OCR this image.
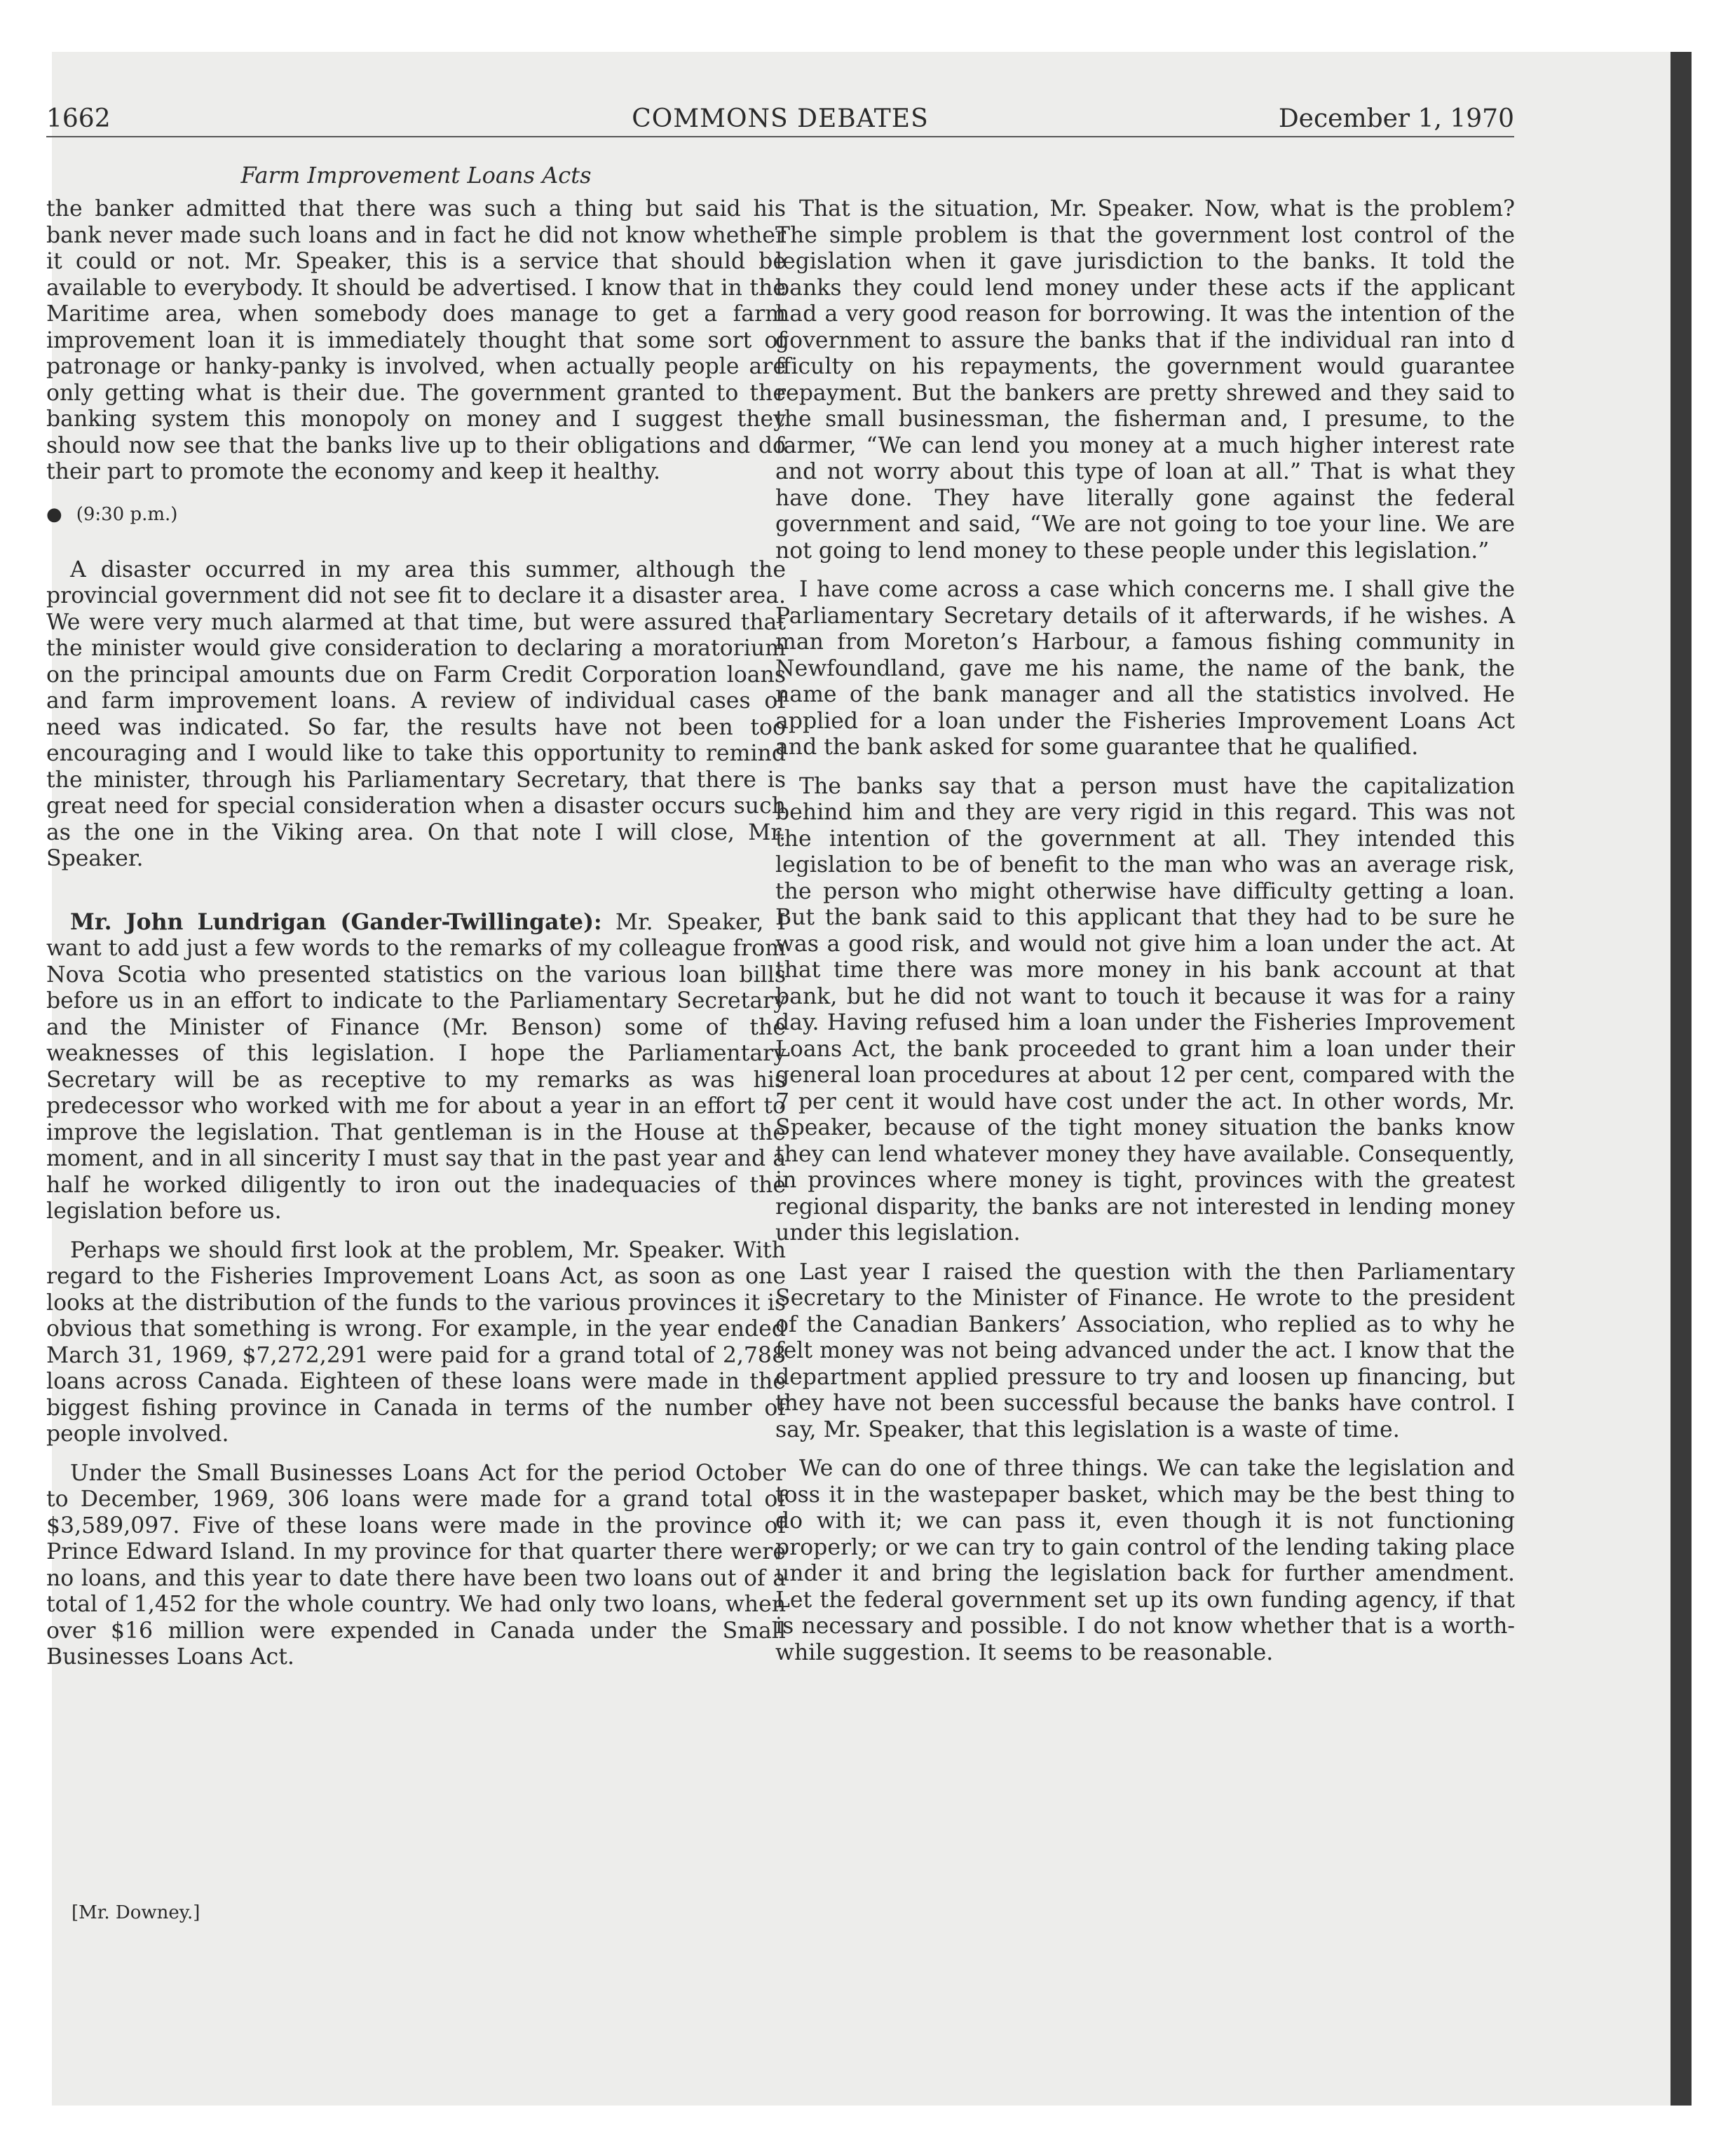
COMMONS DEBATES
1662	December 1, 1970
Farm Improvement Loans Acts

the banker admitted that there was such a thing but said his bank never made such loans and in fact he did not know whether it could or not. Mr. Speaker, this is a service that should be available to everybody. It should be advertised. I know that in the Maritime area, when somebody does manage to get a farm improvement loan it is immediately thought that some sort of patronage or hanky-panky is involved, when actually people are only getting what is their due. The government granted to the banking system this monopoly on money and I suggest they should now see that the banks live up to their obligations and do their part to promote the economy and keep it healthy.

● (9:30 p.m.)

A disaster occurred in my area this summer, although the provincial government did not see fit to declare it a disaster area. We were very much alarmed at that time, but were assured that the minister would give consideration to declaring a moratorium on the principal amounts due on Farm Credit Corporation loans and farm improvement loans. A review of individual cases of need was indicated. So far, the results have not been too encouraging and I would like to take this opportunity to remind the minister, through his Parliamentary Secretary, that there is great need for special consideration when a disaster occurs such as the one in the Viking area. On that note I will close, Mr. Speaker.

Mr. John Lundrigan (Gander-Twillingate): Mr. Speaker, I want to add just a few words to the remarks of my colleague from Nova Scotia who presented statistics on the various loan bills before us in an effort to indicate to the Parliamentary Secretary and the Minister of Finance (Mr. Benson) some of the weaknesses of this legislation. I hope the Parliamentary Secretary will be as receptive to my remarks as was his predecessor who worked with me for about a year in an effort to improve the legislation. That gentleman is in the House at the moment, and in all sincerity I must say that in the past year and a half he worked diligently to iron out the inadequacies of the legislation before us.

Perhaps we should first look at the problem, Mr. Speaker. With regard to the Fisheries Improvement Loans Act, as soon as one looks at the distribution of the funds to the various provinces it is obvious that something is wrong. For example, in the year ended March 31, 1969, $7,272,291 were paid for a grand total of 2,788 loans across Canada. Eighteen of these loans were made in the biggest fishing province in Canada in terms of the number of people involved.

Under the Small Businesses Loans Act for the period October to December, 1969, 306 loans were made for a grand total of $3,589,097. Five of these loans were made in the province of Prince Edward Island. In my province for that quarter there were no loans, and this year to date there have been two loans out of a total of 1,452 for the whole country. We had only two loans, when over $16 million were expended in Canada under the Small Businesses Loans Act.

[Mr. Downey.]

That is the situation, Mr. Speaker. Now, what is the problem? The simple problem is that the government lost control of the legislation when it gave jurisdiction to the banks. It told the banks they could lend money under these acts if the applicant had a very good reason for borrowing. It was the intention of the government to assure the banks that if the individual ran into d fficulty on his repayments, the government would guarantee repayment. But the bankers are pretty shrewed and they said to the small businessman, the fisherman and, I presume, to the farmer, “We can lend you money at a much higher interest rate and not worry about this type of loan at all.” That is what they have done. They have literally gone against the federal government and said, “We are not going to toe your line. We are not going to lend money to these people under this legislation.”

I have come across a case which concerns me. I shall give the Parliamentary Secretary details of it afterwards, if he wishes. A man from Moreton’s Harbour, a famous fishing community in Newfoundland, gave me his name, the name of the bank, the name of the bank manager and all the statistics involved. He applied for a loan under the Fisheries Improvement Loans Act and the bank asked for some guarantee that he qualified.

The banks say that a person must have the capitalization behind him and they are very rigid in this regard. This was not the intention of the government at all. They intended this legislation to be of benefit to the man who was an average risk, the person who might otherwise have difficulty getting a loan. But the bank said to this applicant that they had to be sure he was a good risk, and would not give him a loan under the act. At that time there was more money in his bank account at that bank, but he did not want to touch it because it was for a rainy day. Having refused him a loan under the Fisheries Improvement Loans Act, the bank proceeded to grant him a loan under their general loan procedures at about 12 per cent, compared with the 7 per cent it would have cost under the act. In other words, Mr. Speaker, because of the tight money situation the banks know they can lend whatever money they have available. Consequently, in provinces where money is tight, provinces with the greatest regional disparity, the banks are not interested in lending money under this legislation.

Last year I raised the question with the then Parliamentary Secretary to the Minister of Finance. He wrote to the president of the Canadian Bankers’ Association, who replied as to why he felt money was not being advanced under the act. I know that the department applied pressure to try and loosen up financing, but they have not been successful because the banks have control. I say, Mr. Speaker, that this legislation is a waste of time.

We can do one of three things. We can take the legislation and toss it in the wastepaper basket, which may be the best thing to do with it; we can pass it, even though it is not functioning properly; or we can try to gain control of the lending taking place under it and bring the legislation back for further amendment. Let the federal government set up its own funding agency, if that is necessary and possible. I do not know whether that is a worth-while suggestion. It seems to be reasonable.
